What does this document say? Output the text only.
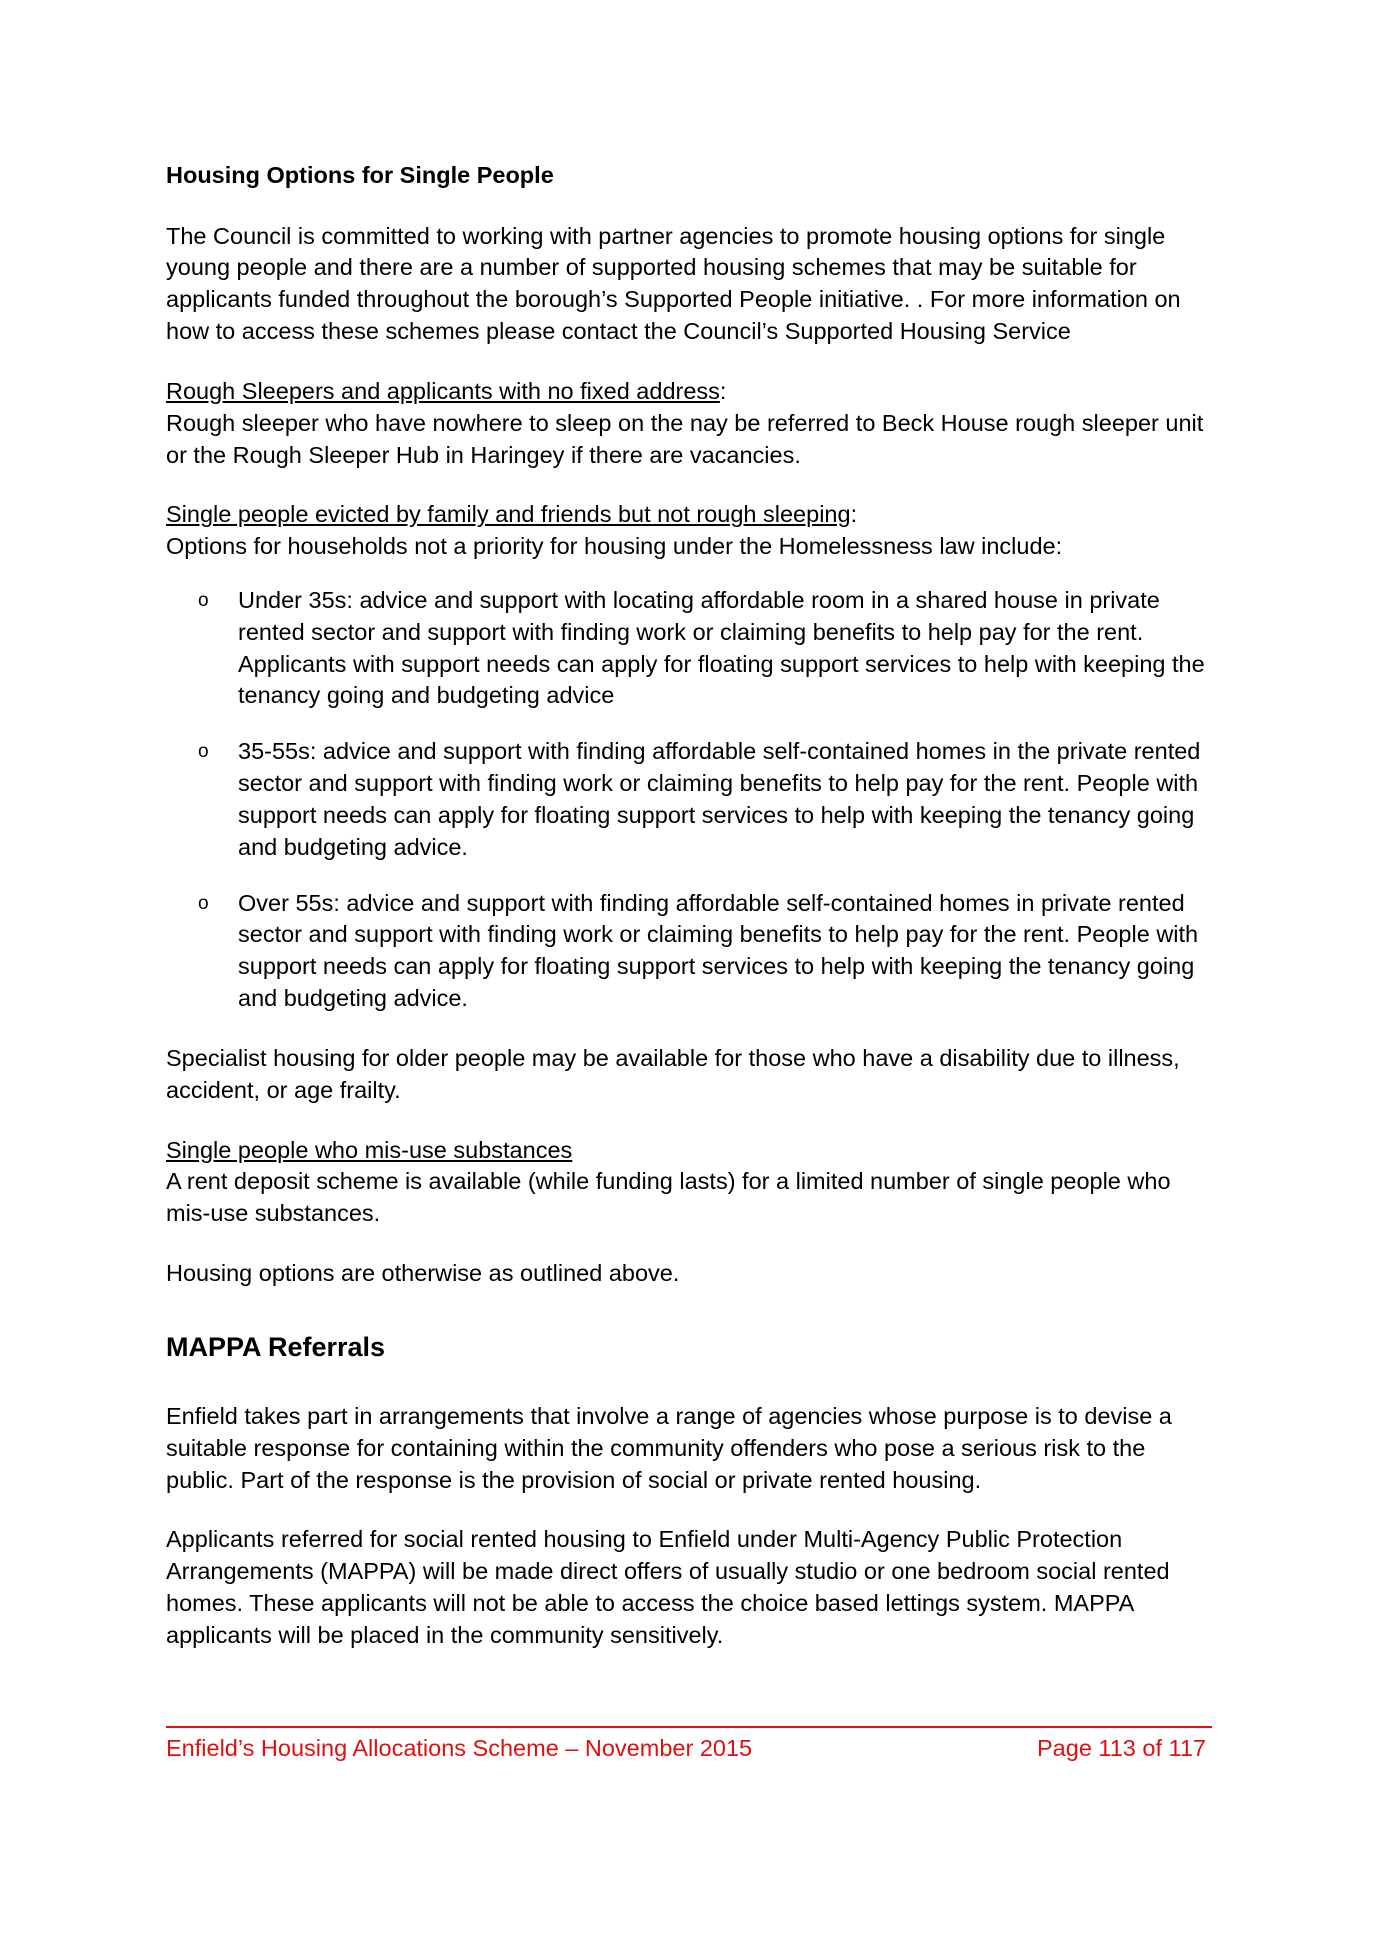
Housing Options for Single People

The Council is committed to working with partner agencies to promote housing options for single young people and there are a number of supported housing schemes that may be suitable for applicants funded throughout the borough’s Supported People initiative. . For more information on how to access these schemes please contact the Council’s Supported Housing Service

Rough Sleepers and applicants with no fixed address:

Rough sleeper who have nowhere to sleep on the nay be referred to Beck House rough sleeper unit or the Rough Sleeper Hub in Haringey if there are vacancies.

Single people evicted by family and friends but not rough sleeping:

Options for households not a priority for housing under the Homelessness law include:

o Under 35s: advice and support with locating affordable room in a shared house in private rented sector and support with finding work or claiming benefits to help pay for the rent. Applicants with support needs can apply for floating support services to help with keeping the tenancy going and budgeting advice
o 35-55s: advice and support with finding affordable self-contained homes in the private rented sector and support with finding work or claiming benefits to help pay for the rent. People with support needs can apply for floating support services to help with keeping the tenancy going and budgeting advice.
o Over 55s: advice and support with finding affordable self-contained homes in private rented sector and support with finding work or claiming benefits to help pay for the rent. People with support needs can apply for floating support services to help with keeping the tenancy going and budgeting advice.

Specialist housing for older people may be available for those who have a disability due to illness, accident, or age frailty.

Single people who mis-use substances

A rent deposit scheme is available (while funding lasts) for a limited number of single people who mis-use substances.

Housing options are otherwise as outlined above.

MAPPA Referrals

Enfield takes part in arrangements that involve a range of agencies whose purpose is to devise a suitable response for containing within the community offenders who pose a serious risk to the public. Part of the response is the provision of social or private rented housing.

Applicants referred for social rented housing to Enfield under Multi-Agency Public Protection Arrangements (MAPPA) will be made direct offers of usually studio or one bedroom social rented homes. These applicants will not be able to access the choice based lettings system. MAPPA applicants will be placed in the community sensitively.

Enfield’s Housing Allocations Scheme – November 2015	Page 113 of 117
